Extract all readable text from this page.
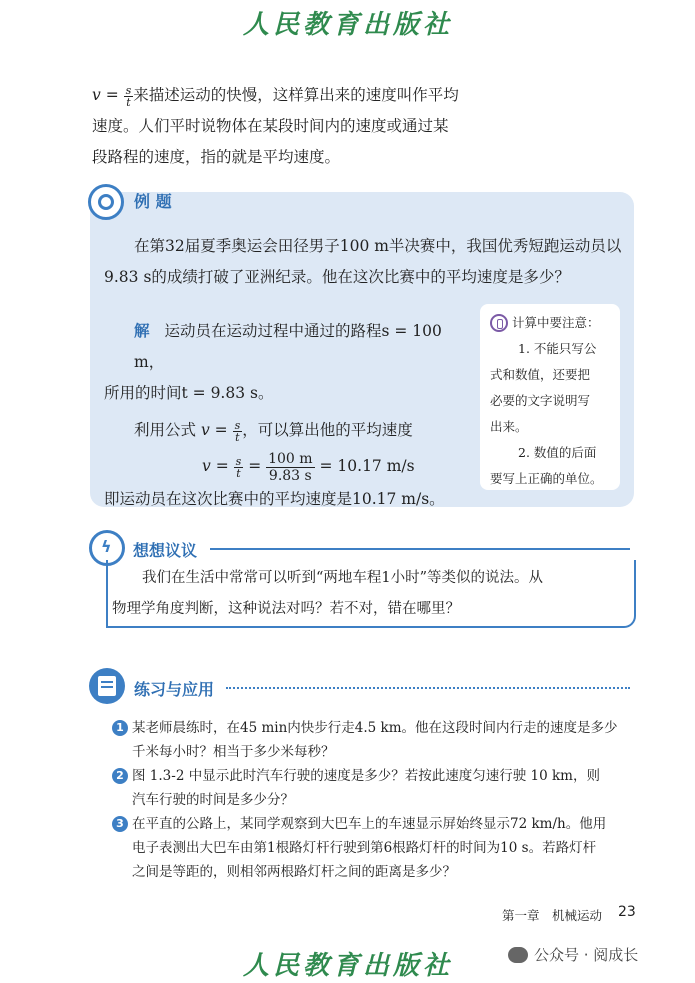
人民教育出版社
$v = \frac{s}{t}$ 来描述运动的快慢，这样算出来的速度叫作平均
速度。人们平时说物体在某段时间内的速度或通过某
段路程的速度，指的就是平均速度。
例 题
在第32届夏季奥运会田径男子100 m半决赛中，我国优秀短跑运动员以
9.83 s的成绩打破了亚洲纪录。他在这次比赛中的平均速度是多少？
解 运动员在运动过程中通过的路程s = 100 m，
所用的时间t = 9.83 s。
利用公式 $v = \frac{s}{t}$ ，可以算出他的平均速度
$v = \frac{s}{t} = \frac{100 m}{9.83 s} = 10.17$ m/s
即运动员在这次比赛中的平均速度是10.17 m/s。
计算中要注意：
1. 不能只写公
式和数值，还要把
必要的文字说明写
出来。
2. 数值的后面
要写上正确的单位。
ϟ 想想议议
我们在生活中常常可以听到“两地车程1小时”等类似的说法。从
物理学角度判断，这种说法对吗？若不对，错在哪里？
练习与应用
1 某老师晨练时，在45 min内快步行走4.5 km。他在这段时间内行走的速度是多少
千米每小时？相当于多少米每秒？
2 图 1.3-2 中显示此时汽车行驶的速度是多少？若按此速度匀速行驶 10 km，则
汽车行驶的时间是多少分？
3 在平直的公路上，某同学观察到大巴车上的车速显示屏始终显示72 km/h。他用
电子表测出大巴车由第1根路灯杆行驶到第6根路灯杆的时间为10 s。若路灯杆
之间是等距的，则相邻两根路灯杆之间的距离是多少？
第一章　机械运动 23
人民教育出版社	公众号 · 阅成长
